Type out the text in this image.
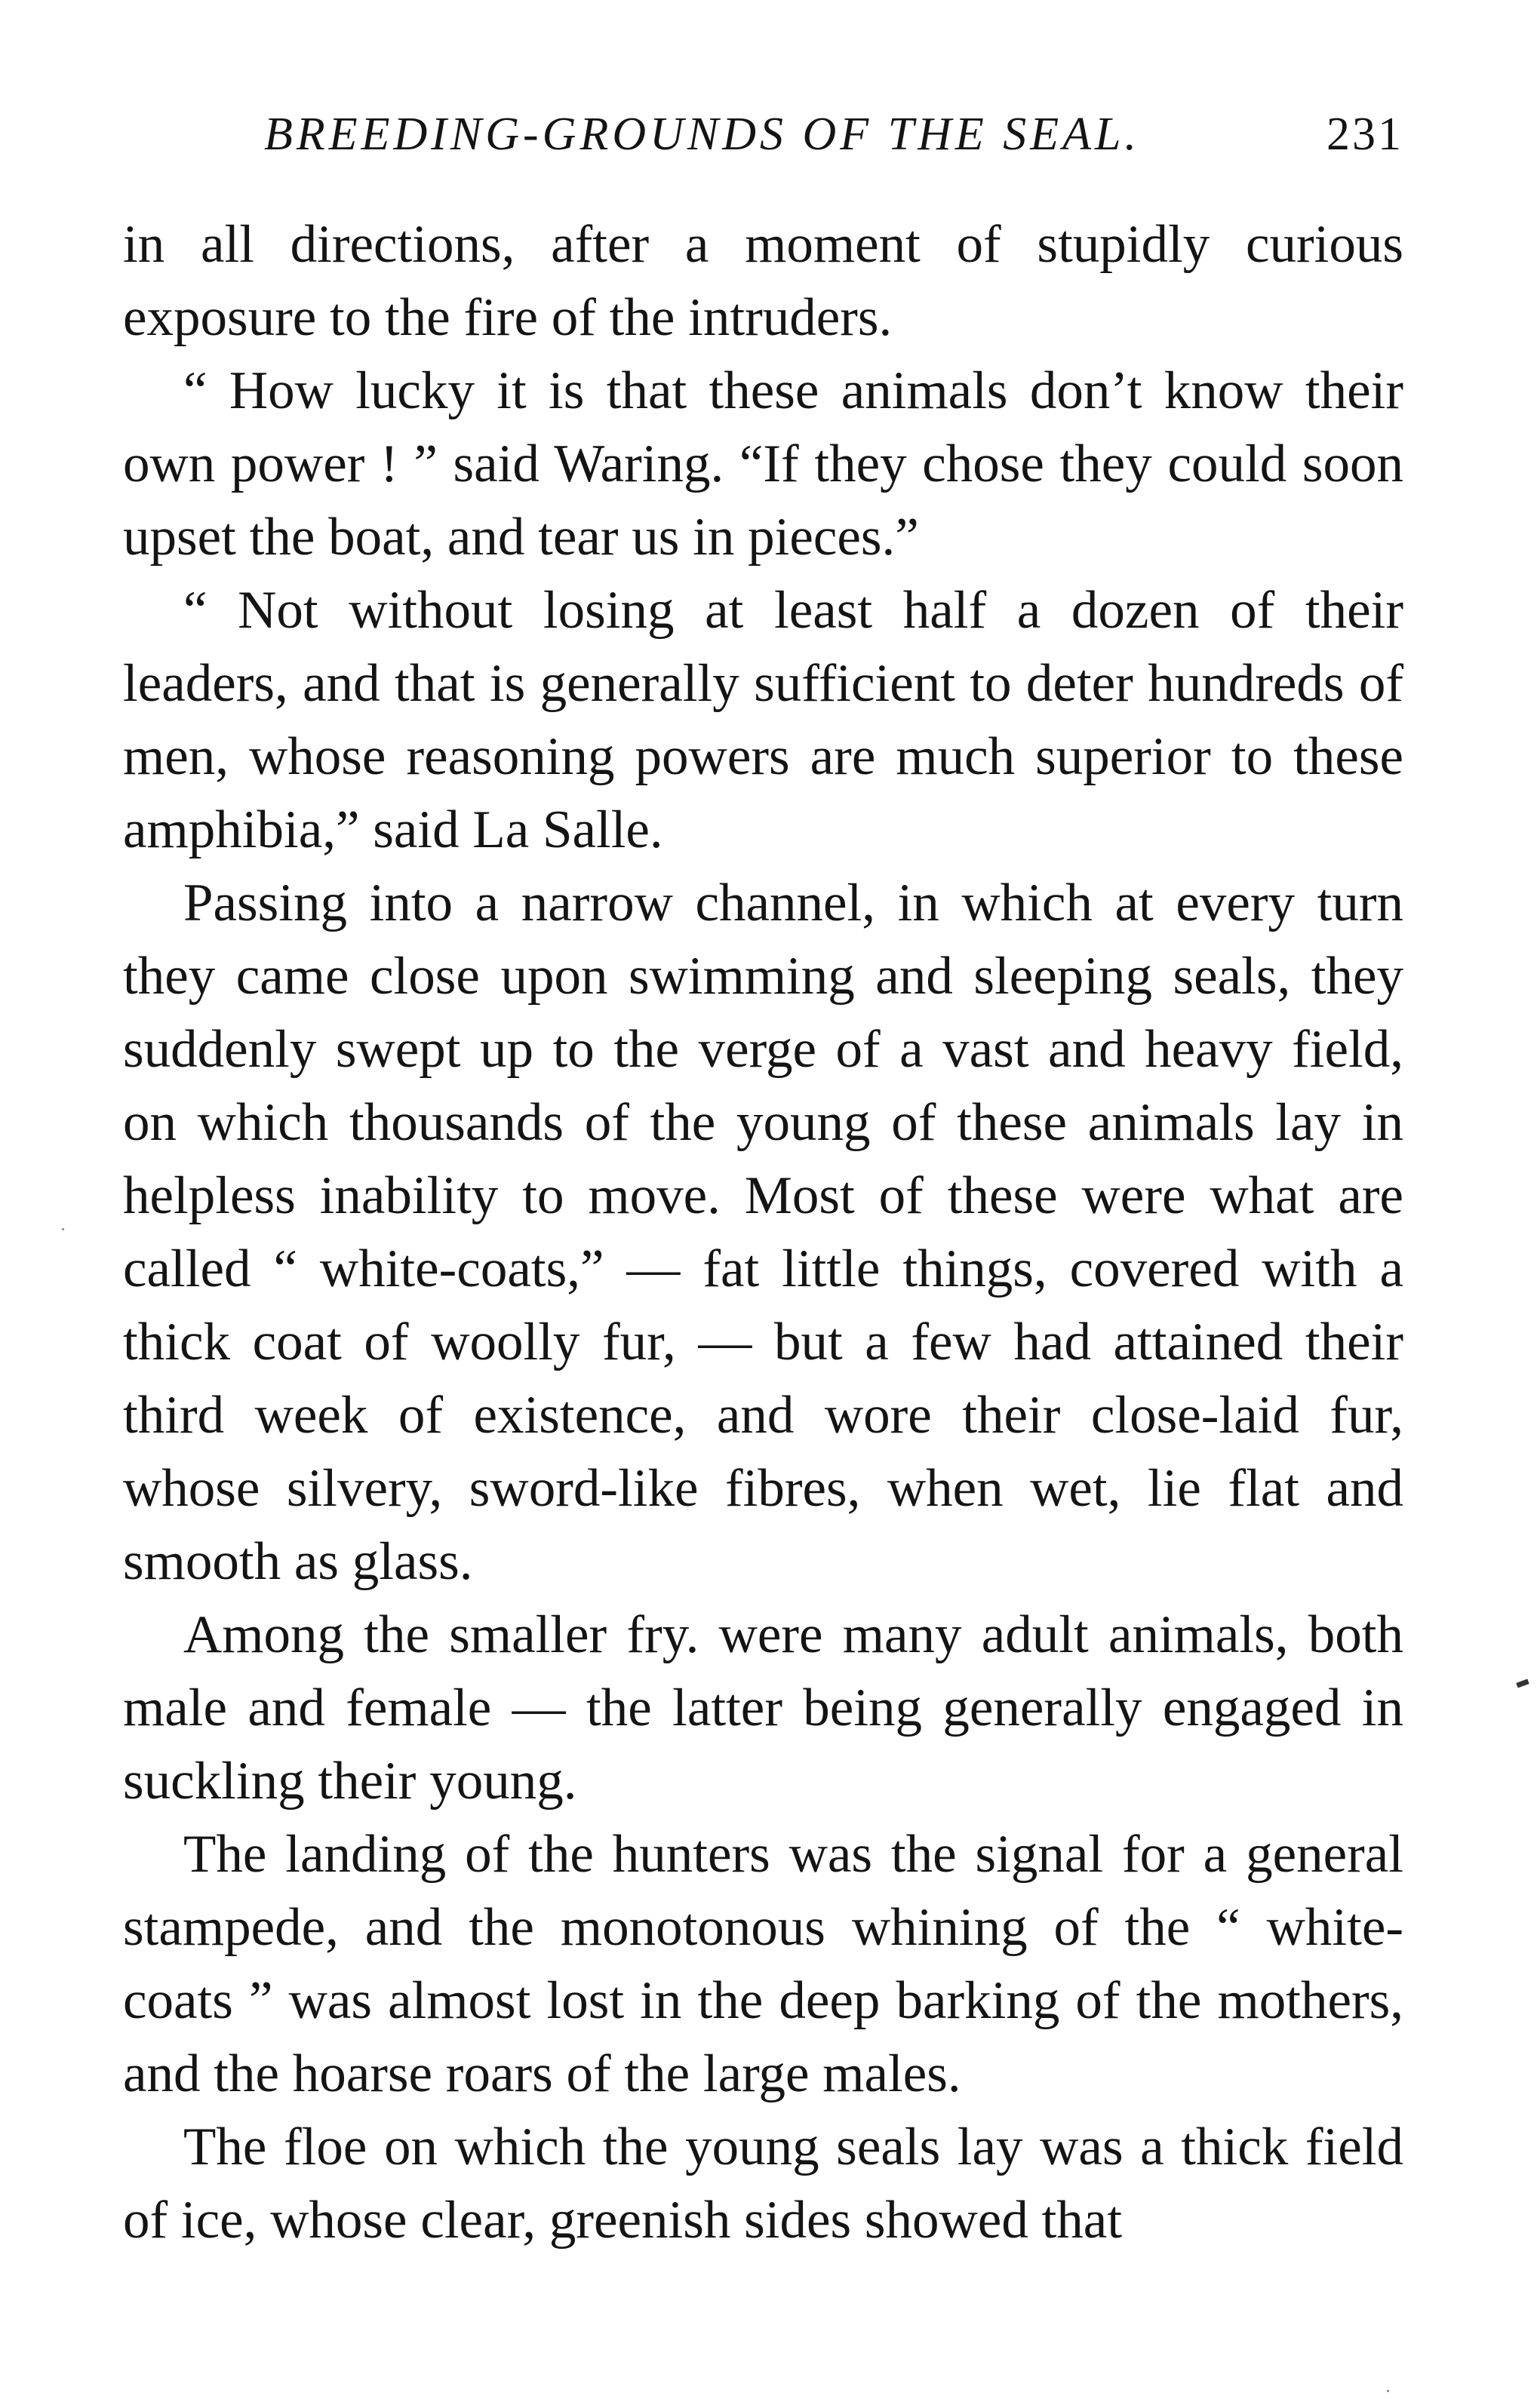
BREEDING-GROUNDS OF THE SEAL.	231

in all directions, after a moment of stupidly curious exposure to the fire of the intruders.

“ How lucky it is that these animals don’t know their own power ! ” said Waring. “If they chose they could soon upset the boat, and tear us in pieces.”

“ Not without losing at least half a dozen of their leaders, and that is generally sufficient to deter hundreds of men, whose reasoning powers are much superior to these amphibia,” said La Salle.

Passing into a narrow channel, in which at every turn they came close upon swimming and sleeping seals, they suddenly swept up to the verge of a vast and heavy field, on which thousands of the young of these animals lay in helpless inability to move. Most of these were what are called “ white-coats,” — fat little things, covered with a thick coat of woolly fur, — but a few had attained their third week of existence, and wore their close-laid fur, whose silvery, sword-like fibres, when wet, lie flat and smooth as glass.

Among the smaller fry. were many adult animals, both male and female — the latter being generally engaged in suckling their young.

The landing of the hunters was the signal for a general stampede, and the monotonous whining of the “ white-coats ” was almost lost in the deep barking of the mothers, and the hoarse roars of the large males.

The floe on which the young seals lay was a thick field of ice, whose clear, greenish sides showed that
